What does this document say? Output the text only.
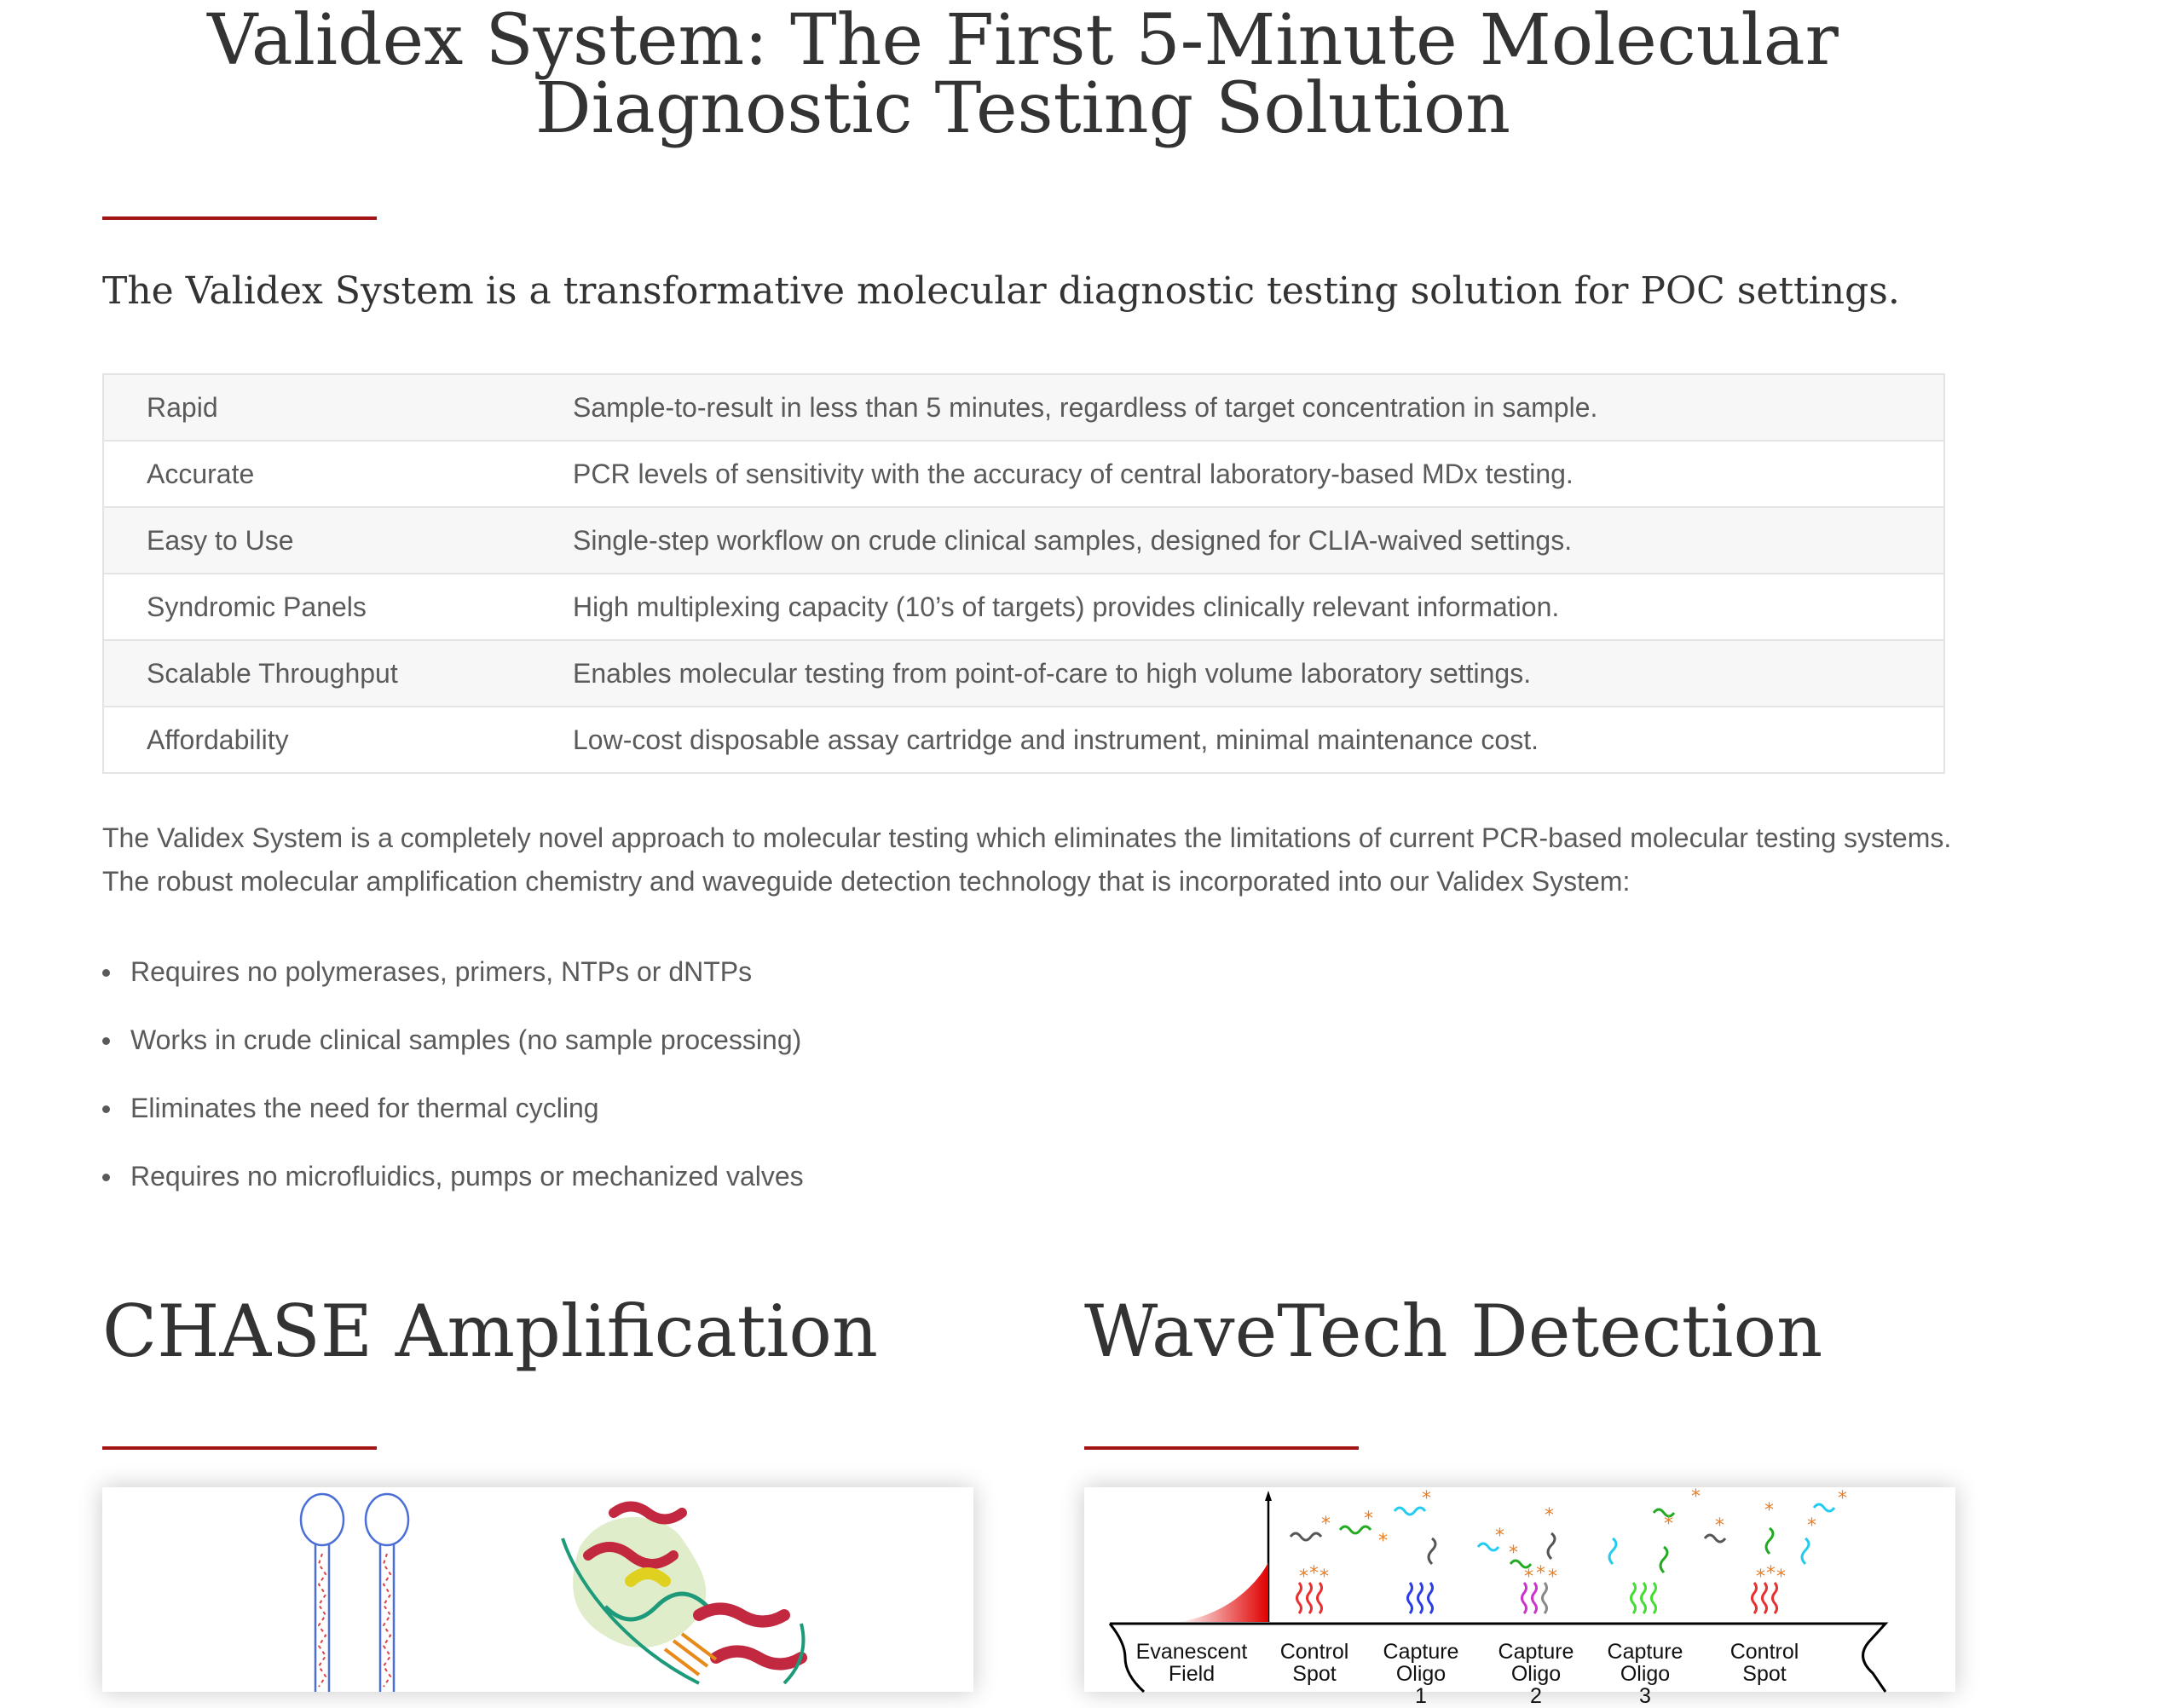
Validex System: The First 5-Minute Molecular Diagnostic Testing Solution
The Validex System is a transformative molecular diagnostic testing solution for POC settings.
Rapid	Sample-to-result in less than 5 minutes, regardless of target concentration in sample.
Accurate	PCR levels of sensitivity with the accuracy of central laboratory-based MDx testing.
Easy to Use	Single-step workflow on crude clinical samples, designed for CLIA-waived settings.
Syndromic Panels	High multiplexing capacity (10’s of targets) provides clinically relevant information.
Scalable Throughput	Enables molecular testing from point-of-care to high volume laboratory settings.
Affordability	Low-cost disposable assay cartridge and instrument, minimal maintenance cost.

The Validex System is a completely novel approach to molecular testing which eliminates the limitations of current PCR-based molecular testing systems. The robust molecular amplification chemistry and waveguide detection technology that is incorporated into our Validex System:

Requires no polymerases, primers, NTPs or dNTPs
Works in crude clinical samples (no sample processing)
Eliminates the need for thermal cycling
Requires no microfluidics, pumps or mechanized valves
CHASE Amplification	WaveTech Detection
* *
*
*	*
*
*
*
*
*
*
*
*
* * *	* * *	* * *
Evanescent
Field
Control
Spot
Capture
Oligo
1
Capture
Oligo
2
Capture
Oligo
3
Control
Spot
